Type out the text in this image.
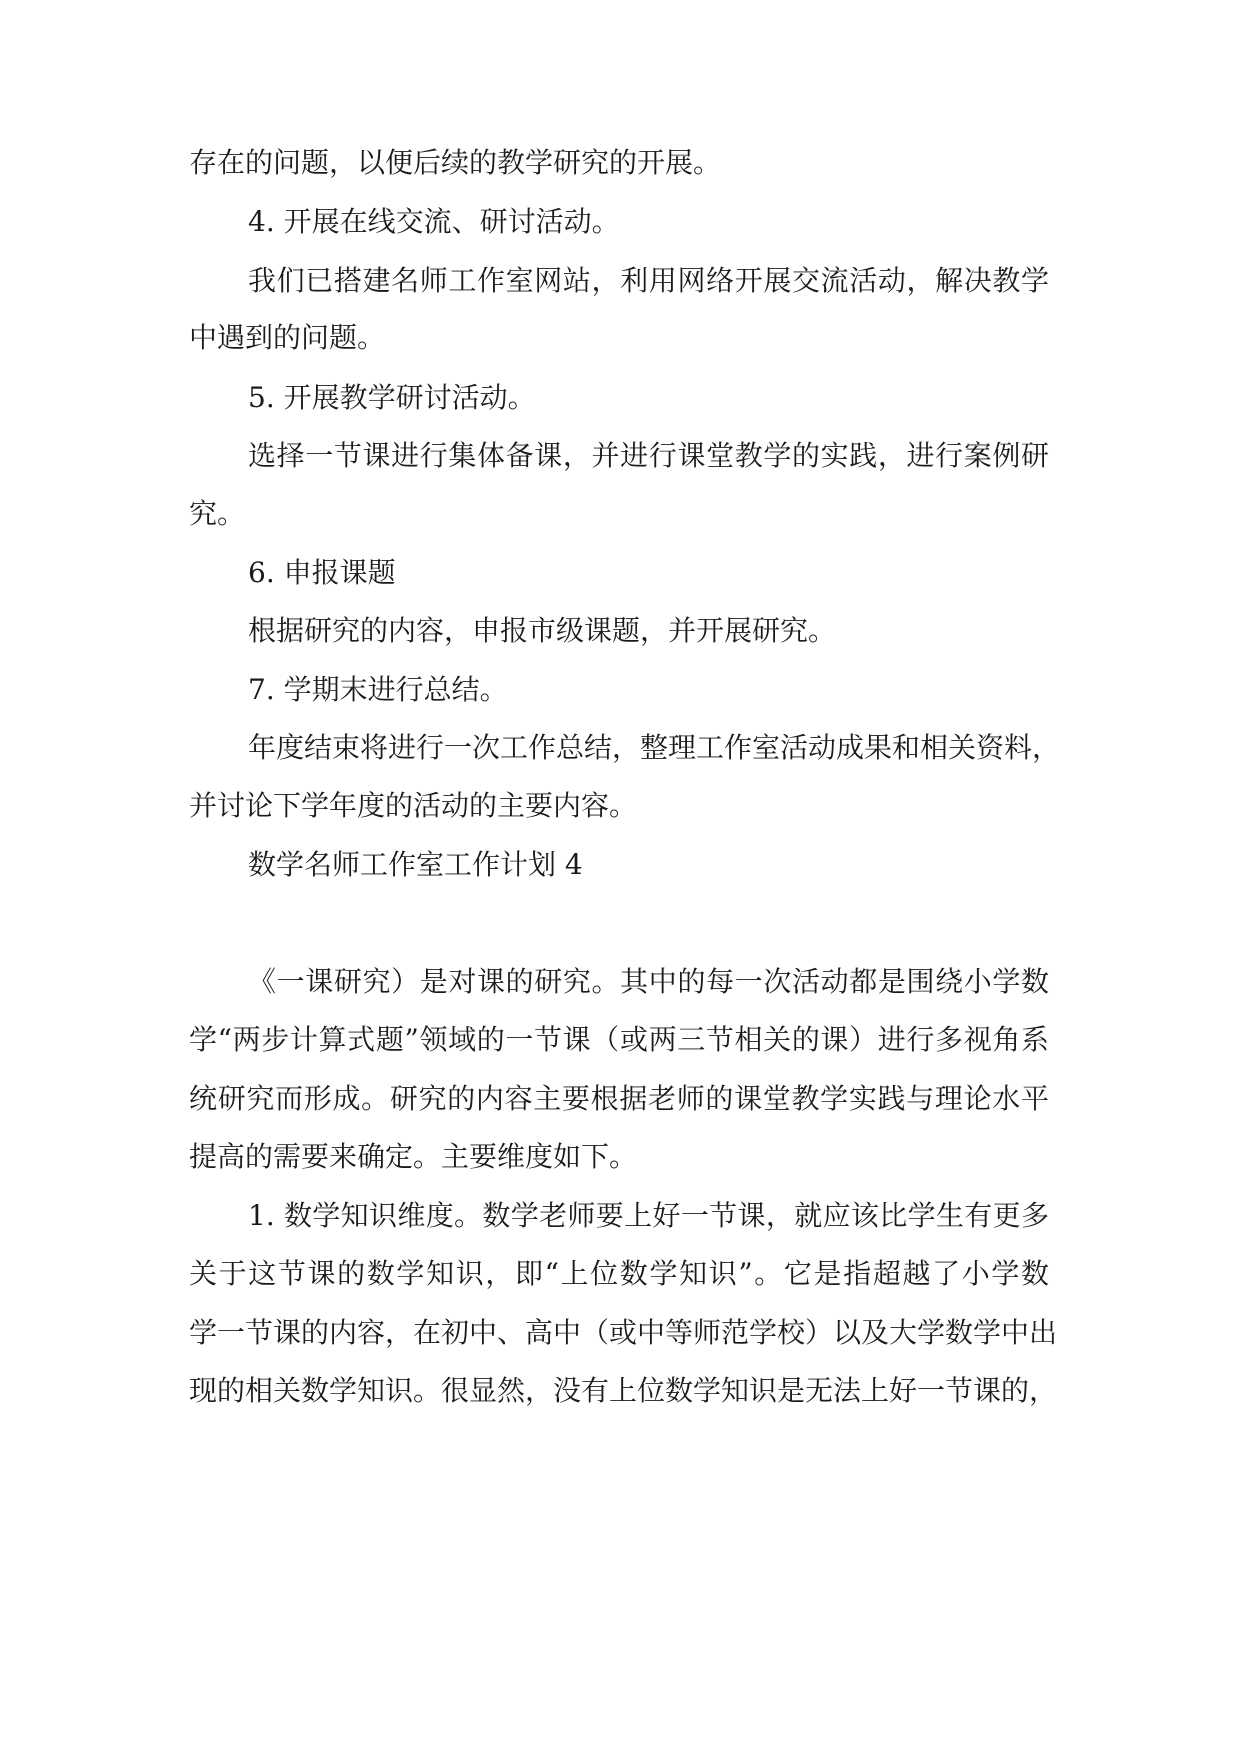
存在的问题，以便后续的教学研究的开展。
4. 开展在线交流、研讨活动。
我们已搭建名师工作室网站，利用网络开展交流活动，解决教学
中遇到的问题。
5. 开展教学研讨活动。
选择一节课进行集体备课，并进行课堂教学的实践，进行案例研
究。
6. 申报课题
根据研究的内容，申报市级课题，并开展研究。
7. 学期末进行总结。
年度结束将进行一次工作总结，整理工作室活动成果和相关资料，
并讨论下学年度的活动的主要内容。
数学名师工作室工作计划 4
《一课研究）是对课的研究。其中的每一次活动都是围绕小学数
学“两步计算式题”领域的一节课（或两三节相关的课）进行多视角系
统研究而形成。研究的内容主要根据老师的课堂教学实践与理论水平
提高的需要来确定。主要维度如下。
1. 数学知识维度。数学老师要上好一节课，就应该比学生有更多
关于这节课的数学知识，即“上位数学知识”。它是指超越了小学数
学一节课的内容，在初中、高中（或中等师范学校）以及大学数学中出
现的相关数学知识。很显然，没有上位数学知识是无法上好一节课的，
